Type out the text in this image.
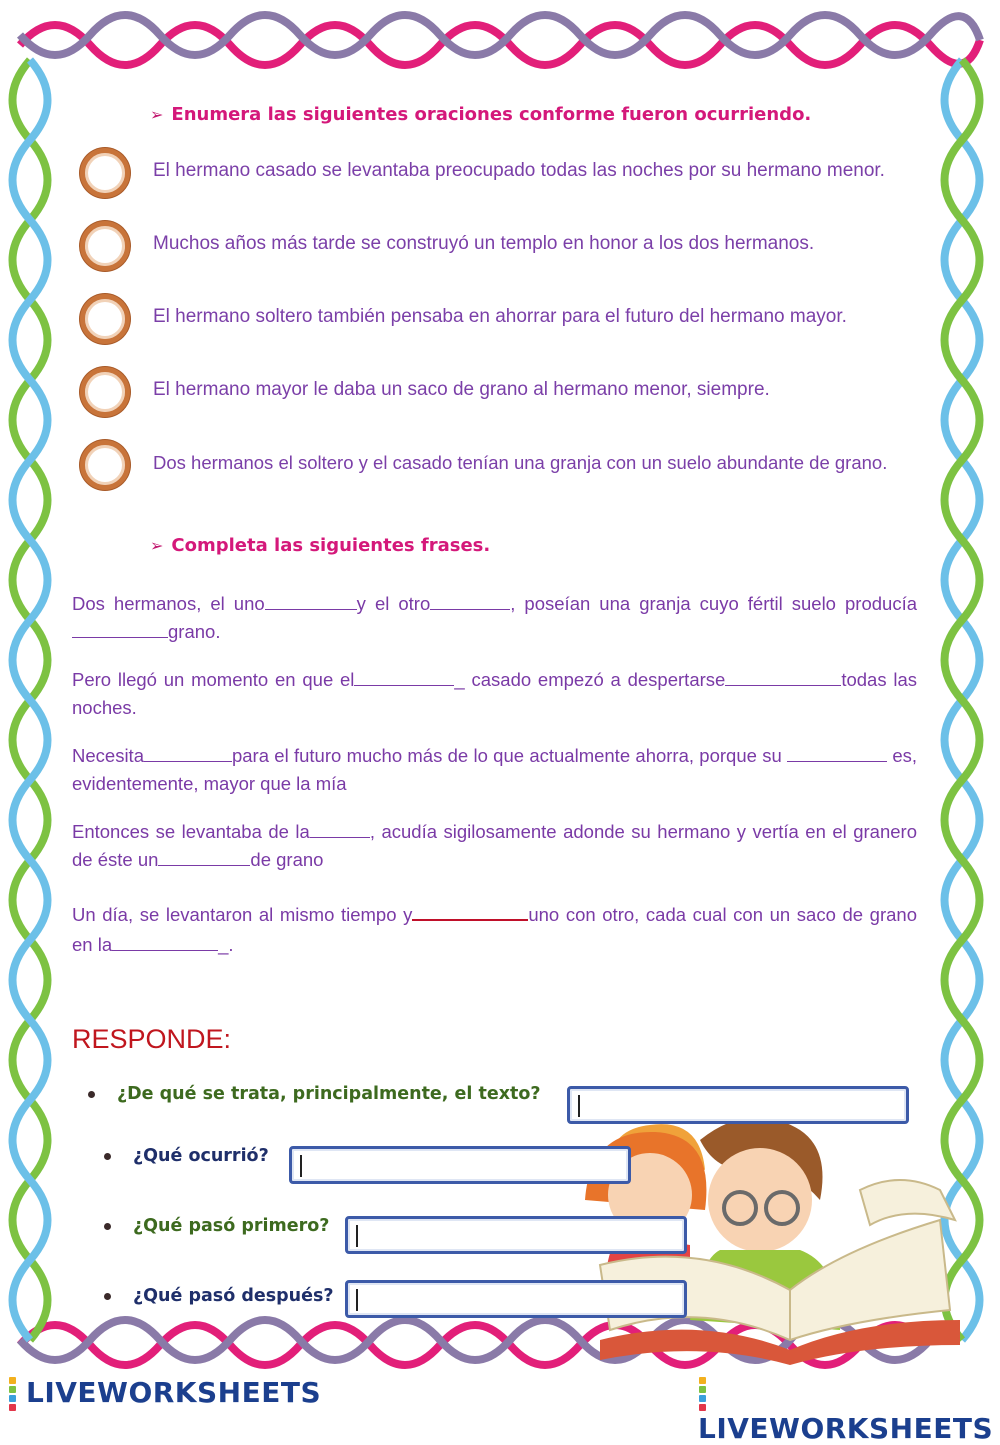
➢ Enumera las siguientes oraciones conforme fueron ocurriendo.
El hermano casado se levantaba preocupado todas las noches por su hermano menor.
Muchos años más tarde se construyó un templo en honor a los dos hermanos.
El hermano soltero también pensaba en ahorrar para el futuro del hermano mayor.
El hermano mayor le daba un saco de grano al hermano menor, siempre.
Dos hermanos el soltero y el casado tenían una granja con un suelo abundante de grano.
➢ Completa las siguientes frases.

Dos hermanos, el uno	y el otro	, poseían una granja cuyo fértil suelo producía grano.

Pero llegó un momento en que el	_ casado empezó a despertarse	todas las noches.

Necesita	para el futuro mucho más de lo que actualmente ahorra, porque su	es, evidentemente, mayor que la mía

Entonces se levantaba de la	, acudía sigilosamente adonde su hermano y vertía en el granero de éste un	de grano

Un día, se levantaron al mismo tiempo y	uno con otro, cada cual con un saco de grano en la	_.

RESPONDE:
¿De qué se trata, principalmente, el texto?
¿Qué ocurrió?
¿Qué pasó primero?
¿Qué pasó después?
LIVEWORKSHEETS
LIVEWORKSHEETS
